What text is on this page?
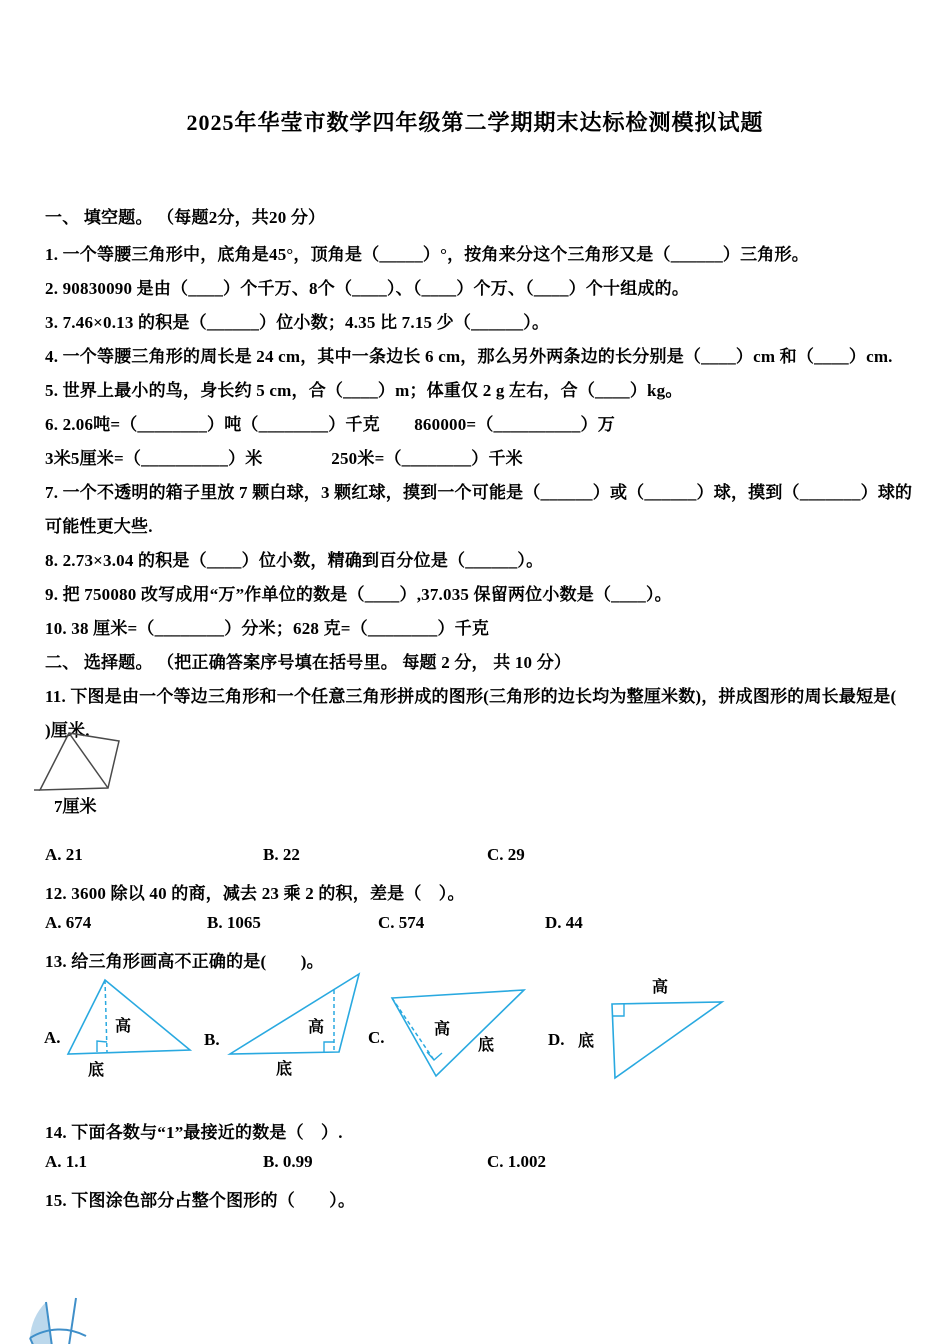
2025年华莹市数学四年级第二学期期末达标检测模拟试题
一、 填空题。 （每题2分，共20 分）
1. 一个等腰三角形中，底角是45°，顶角是（_____）°，按角来分这个三角形又是（______）三角形。
2. 90830090 是由（____）个千万、8个（____）、（____）个万、（____）个十组成的。
3. 7.46×0.13 的积是（______）位小数；4.35 比 7.15 少（______）。
4. 一个等腰三角形的周长是 24 cm，其中一条边长 6 cm，那么另外两条边的长分别是（____）cm 和（____）cm.
5. 世界上最小的鸟，身长约 5 cm，合（____）m；体重仅 2 g 左右，合（____）kg。
6. 2.06吨=（________）吨（________）千克　　860000=（__________）万
3米5厘米=（__________）米　　　　250米=（________）千米
7. 一个不透明的箱子里放 7 颗白球，3 颗红球，摸到一个可能是（______）或（______）球，摸到（_______）球的
可能性更大些.
8. 2.73×3.04 的积是（____）位小数，精确到百分位是（______）。
9. 把 750080 改写成用“万”作单位的数是（____）,37.035 保留两位小数是（____）。
10. 38 厘米=（________）分米；628 克=（________）千克
二、 选择题。 （把正确答案序号填在括号里。 每题 2 分， 共 10 分）
11. 下图是由一个等边三角形和一个任意三角形拼成的图形(三角形的边长均为整厘米数)，拼成图形的周长最短是(
)厘米.
7厘米
A. 21	B. 22	C. 29
12. 3600 除以 40 的商，减去 23 乘 2 的积，差是（　）。
A. 674	B. 1065	C. 574	D. 44
13. 给三角形画高不正确的是(　　)。
A.	B.	C.	D.
高
底
高
底
高
底
高
底
14. 下面各数与“1”最接近的数是（　）.
A. 1.1	B. 0.99	C. 1.002
15. 下图涂色部分占整个图形的（　　）。
